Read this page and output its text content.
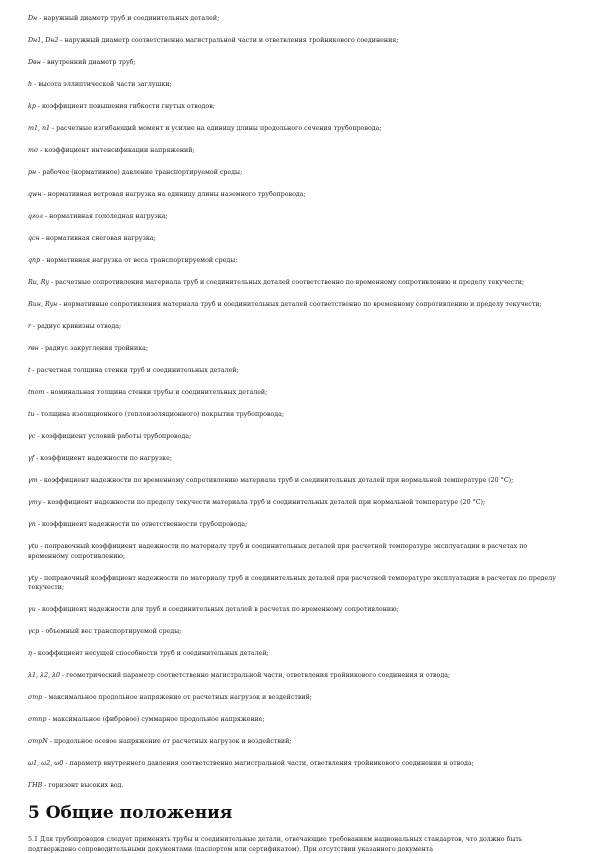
Dн - наружный диаметр труб и соединительных деталей;
Dн1, Dн2 - наружный диаметр соответственно магистральной части и ответвления тройникового соединения;
Dвн - внутренний диаметр труб;
h - высота эллиптической части заглушки;
kp - коэффициент повышения гибкости гнутых отводов;
m1, n1 - расчетные изгибающий момент и усилие на единицу длины продольного сечения трубопровода;
mσ - коэффициент интенсификации напряжений;
pн - рабочее (нормативное) давление транспортируемой среды;
qwн - нормативная ветровая нагрузка на единицу длины наземного трубопровода;
qгол - нормативная гололедная нагрузка;
qсн - нормативная снеговая нагрузка;
qпр - нормативная нагрузка от веса транспортируемой среды;
Ru, Ry - расчетные сопротивления материала труб и соединительных деталей соответственно по временному сопротивлению и пределу текучести;
Ruн, Ryн - нормативные сопротивления материала труб и соединительных деталей соответственно по временному сопротивлению и пределу текучести;
r - радиус кривизны отвода;
rвн - радиус закругления тройника;
t - расчетная толщина стенки труб и соединительных деталей;
tnom - номинальная толщина стенки трубы и соединительных деталей;
tи - толщина изоляционного (теплоизоляционного) покрытия трубопровода;
γc - коэффициент условий работы трубопровода;
γf - коэффициент надежности по нагрузке;
γm - коэффициент надежности по временному сопротивлению материала труб и соединительных деталей при нормальной температуре (20 °С);
γmy - коэффициент надежности по пределу текучести материала труб и соединительных деталей при нормальной температуре (20 °С);
γn - коэффициент надежности по ответственности трубопровода;
γtu - поправочный коэффициент надежности по материалу труб и соединительных деталей при расчетной температуре эксплуатации в расчетах по временному сопротивлению;
γty - поправочный коэффициент надежности по материалу труб и соединительных деталей при расчетной температуре эксплуатации в расчетах по пределу текучести;
γu - коэффициент надежности для труб и соединительных деталей в расчетах по временному сопротивлению;
γсp - объемный вес транспортируемой среды;
η - коэффициент несущей способности труб и соединительных деталей;
λ1, λ2, λ0 - геометрический параметр соответственно магистральной части, ответвления тройникового соединения и отвода;
σmp - максимальное продольное напряжение от расчетных нагрузок и воздействий;
σmnp - максимальное (фибровое) суммарное продольное напряжение;
σmpN - продольное осевое напряжение от расчетных нагрузок и воздействий;
ω1, ω2, ω0 - параметр внутреннего давления соответственно магистральной части, ответвления тройникового соединения и отвода;
ГНВ - горизонт высоких вод.
5 Общие положения
5.1 Для трубопроводов следует применять трубы и соединительные детали, отвечающие требованиям национальных стандартов, что должно быть подтверждено сопроводительными документами (паспортом или сертификатом). При отсутствии указанного документа
